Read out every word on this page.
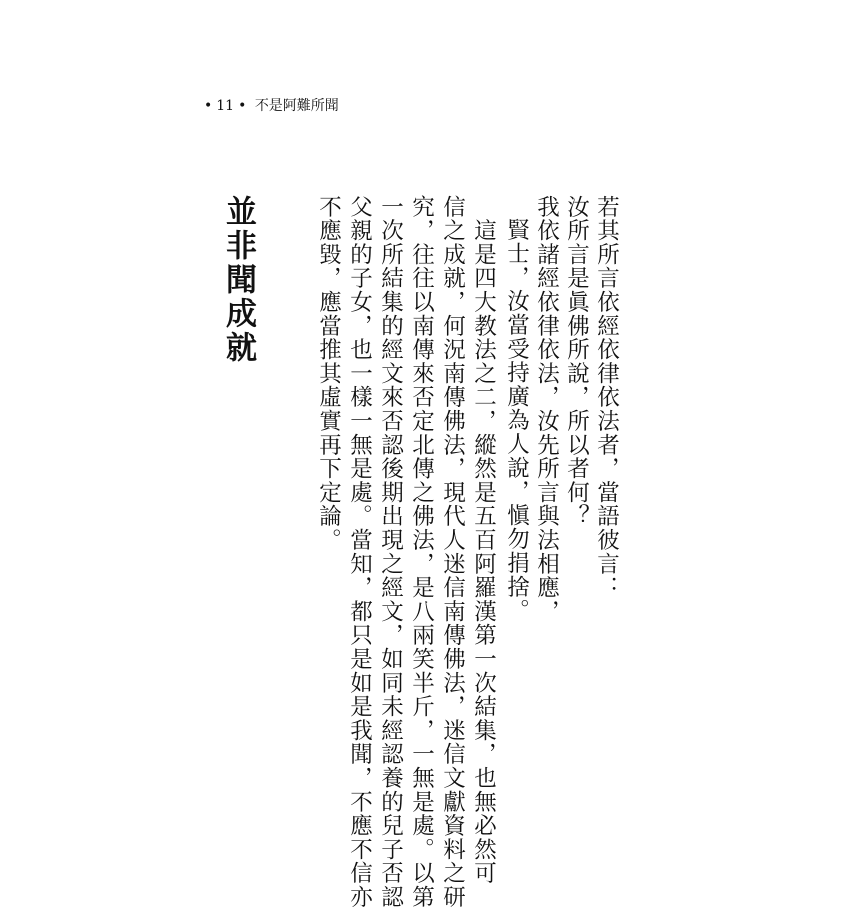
• 11 • 不是阿難所聞
若其所言依經依律依法者，當語彼言：
汝所言是眞佛所說，所以者何？
我依諸經依律依法，汝先所言與法相應，
賢士，汝當受持廣為人說，愼勿捐捨。
　這是四大教法之二，縱然是五百阿羅漢第一次結集，也無必然可
信之成就，何況南傳佛法，現代人迷信南傳佛法，迷信文獻資料之研
究，往往以南傳來否定北傳之佛法，是八兩笑半斤，一無是處。以第
一次所結集的經文來否認後期出現之經文，如同未經認養的兒子否認
父親的子女，也一樣一無是處。當知，都只是如是我聞，不應不信亦
不應毀，應當推其虛實再下定論。
並非聞成就
